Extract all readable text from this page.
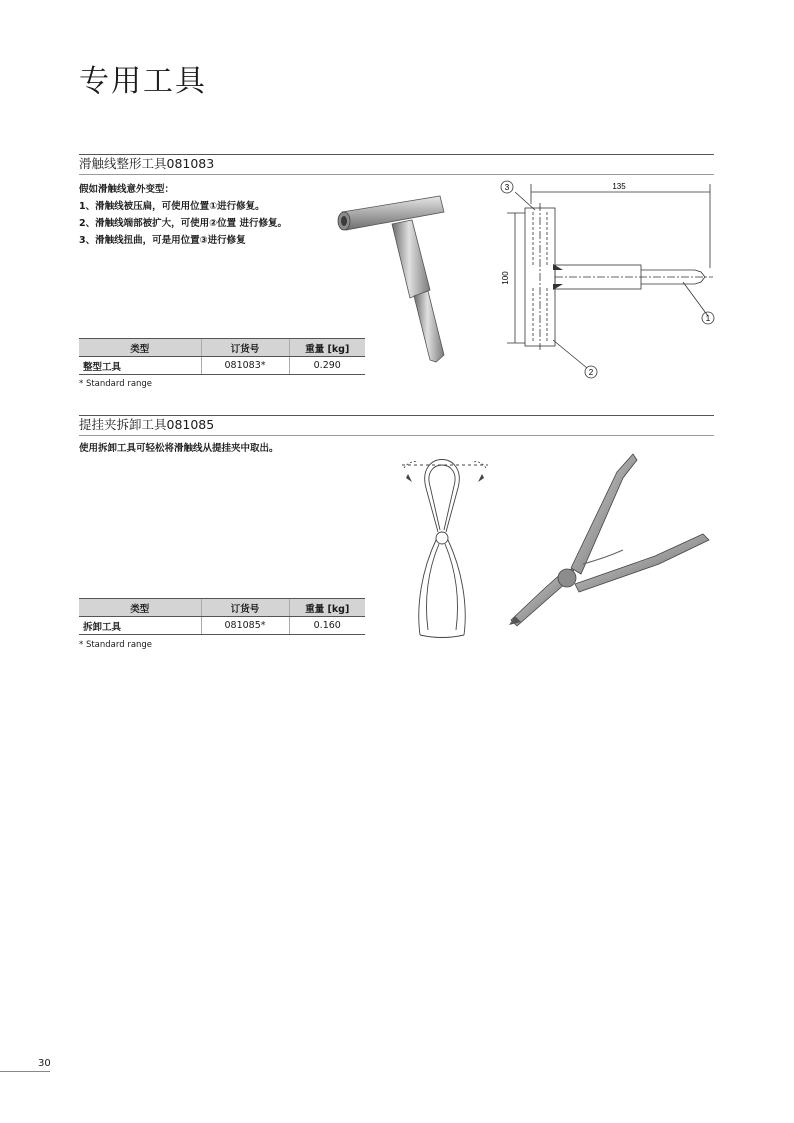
专用工具
滑触线整形工具081083
假如滑触线意外变型：
1、滑触线被压扁，可使用位置①进行修复。
2、滑触线端部被扩大，可使用②位置 进行修复。
3、滑触线扭曲，可是用位置③进行修复
135
100
3
1
2
类型	订货号	重量 [kg]
整型工具	081083*	0.290
* Standard range
提挂夹拆卸工具081085
使用拆卸工具可轻松将滑触线从提挂夹中取出。
类型	订货号	重量 [kg]
拆卸工具	081085*	0.160
* Standard range
30
